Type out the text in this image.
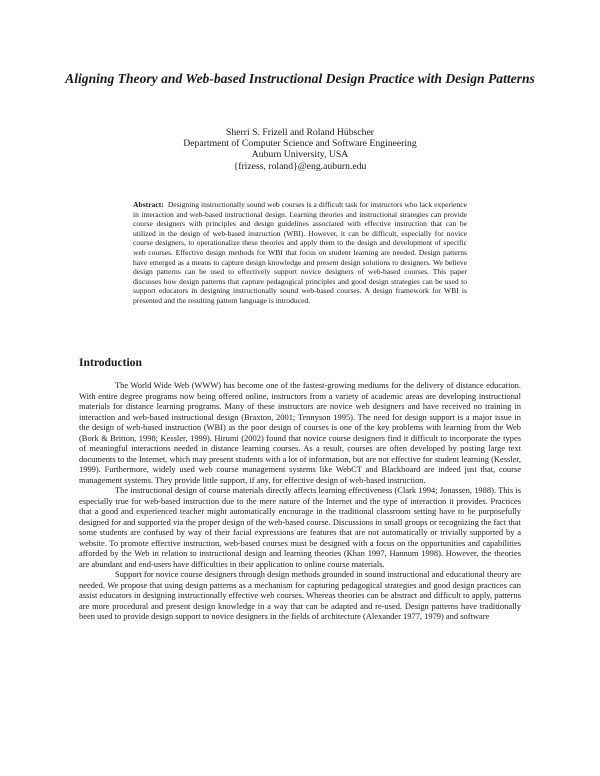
Aligning Theory and Web-based Instructional Design Practice with Design Patterns
Sherri S. Frizell and Roland Hübscher
Department of Computer Science and Software Engineering
Auburn University, USA
{frizess, roland}@eng.auburn.edu

Abstract: Designing instructionally sound web courses is a difficult task for instructors who lack experience in interaction and web-based instructional design. Learning theories and instructional strategies can provide course designers with principles and design guidelines associated with effective instruction that can be utilized in the design of web-based instruction (WBI). However, it can be difficult, especially for novice course designers, to operationalize these theories and apply them to the design and development of specific web courses. Effective design methods for WBI that focus on student learning are needed. Design patterns have emerged as a means to capture design knowledge and present design solutions to designers. We believe design patterns can be used to effectively support novice designers of web-based courses. This paper discusses how design patterns that capture pedagogical principles and good design strategies can be used to support educators in designing instructionally sound web-based courses. A design framework for WBI is presented and the resulting pattern language is introduced.

Introduction

The World Wide Web (WWW) has become one of the fastest-growing mediums for the delivery of distance education. With entire degree programs now being offered online, instructors from a variety of academic areas are developing instructional materials for distance learning programs. Many of these instructors are novice web designers and have received no training in interaction and web-based instructional design (Braxton, 2001; Tennyson 1995). The need for design support is a major issue in the design of web-based instruction (WBI) as the poor design of courses is one of the key problems with learning from the Web (Bork & Britton, 1998; Kessler, 1999). Hirumi (2002) found that novice course designers find it difficult to incorporate the types of meaningful interactions needed in distance learning courses. As a result, courses are often developed by posting large text documents to the Internet, which may present students with a lot of information, but are not effective for student learning (Kessler, 1999). Furthermore, widely used web course management systems like WebCT and Blackboard are indeed just that, course management systems. They provide little support, if any, for effective design of web-based instruction.

The instructional design of course materials directly affects learning effectiveness (Clark 1994; Jonassen, 1988). This is especially true for web-based instruction due to the mere nature of the Internet and the type of interaction it provides. Practices that a good and experienced teacher might automatically encourage in the traditional classroom setting have to be purposefully designed for and supported via the proper design of the web-based course. Discussions in small groups or recognizing the fact that some students are confused by way of their facial expressions are features that are not automatically or trivially supported by a website. To promote effective instruction, web-based courses must be designed with a focus on the opportunities and capabilities afforded by the Web in relation to instructional design and learning theories (Khan 1997, Hannum 1998). However, the theories are abundant and end-users have difficulties in their application to online course materials.

Support for novice course designers through design methods grounded in sound instructional and educational theory are needed. We propose that using design patterns as a mechanism for capturing pedagogical strategies and good design practices can assist educators in designing instructionally effective web courses. Whereas theories can be abstract and difficult to apply, patterns are more procedural and present design knowledge in a way that can be adapted and re-used. Design patterns have traditionally been used to provide design support to novice designers in the fields of architecture (Alexander 1977, 1979) and software
